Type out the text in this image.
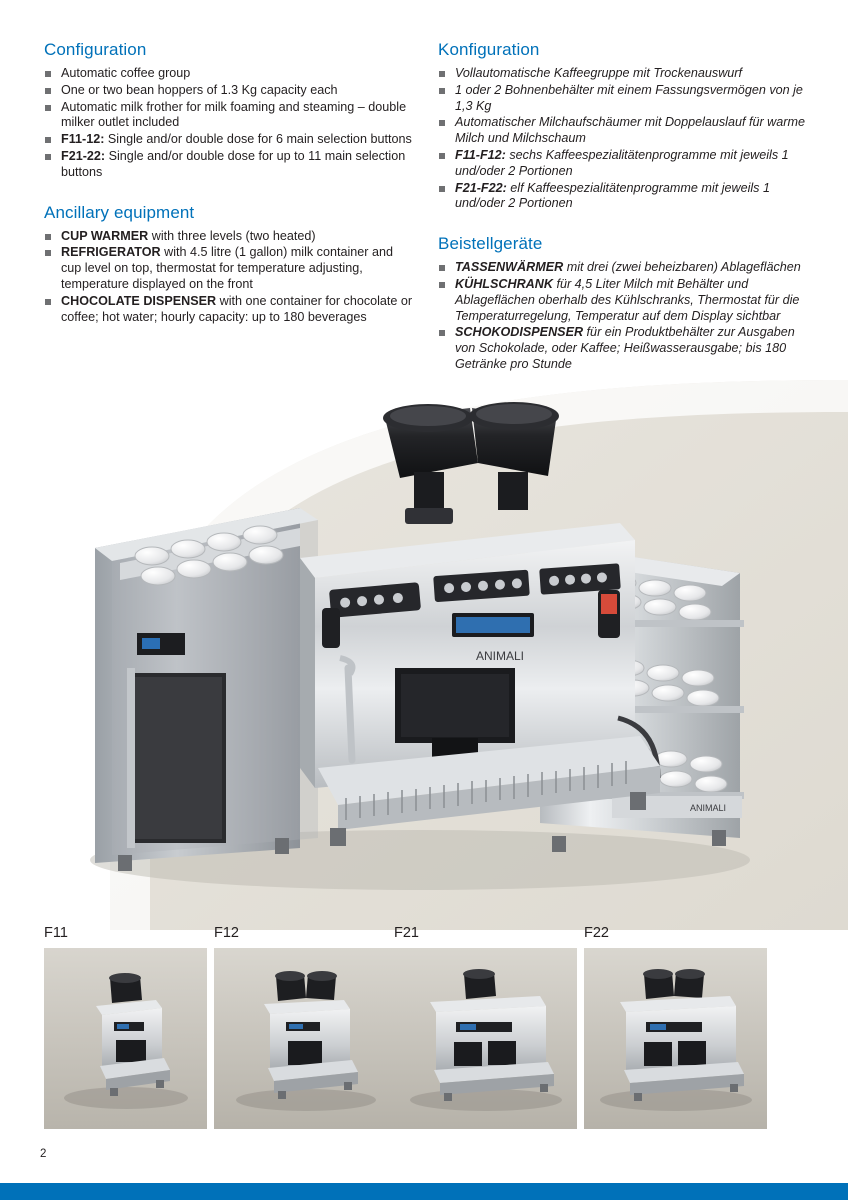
Configuration
Automatic coffee group
One or two bean hoppers of 1.3 Kg capacity each
Automatic milk frother for milk foaming and steaming – double milker outlet included
F11-12: Single and/or double dose for 6 main selection buttons
F21-22: Single and/or double dose for up to 11 main selection buttons
Ancillary equipment
CUP WARMER with three levels (two heated)
REFRIGERATOR with 4.5 litre (1 gallon) milk container and cup level on top, thermostat for temperature adjusting, temperature displayed on the front
CHOCOLATE DISPENSER with one container for chocolate or coffee; hot water; hourly capacity: up to 180 beverages
Konfiguration
Vollautomatische Kaffeegruppe mit Trockenauswurf
1 oder 2 Bohnenbehälter mit einem Fassungsvermögen von je 1,3 Kg
Automatischer Milchaufschäumer mit Doppelauslauf für warme Milch und Milchschaum
F11-F12: sechs Kaffeespezialitätenprogramme mit jeweils 1 und/oder 2 Portionen
F21-F22: elf Kaffeespezialitätenprogramme mit jeweils 1 und/oder 2 Portionen
Beistellgeräte
TASSENWÄRMER mit drei (zwei beheizbaren) Ablageflächen
KÜHLSCHRANK für 4,5 Liter Milch mit Behälter und Ablageflächen oberhalb des Kühlschranks, Thermostat für die Temperaturregelung, Temperatur auf dem Display sichtbar
SCHOKODISPENSER für ein Produktbehälter zur Ausgaben von Schokolade, oder Kaffee; Heißwasserausgabe; bis 180 Getränke pro Stunde
ANIMALI
ANIMALI
F11	F12	F21	F22
2
